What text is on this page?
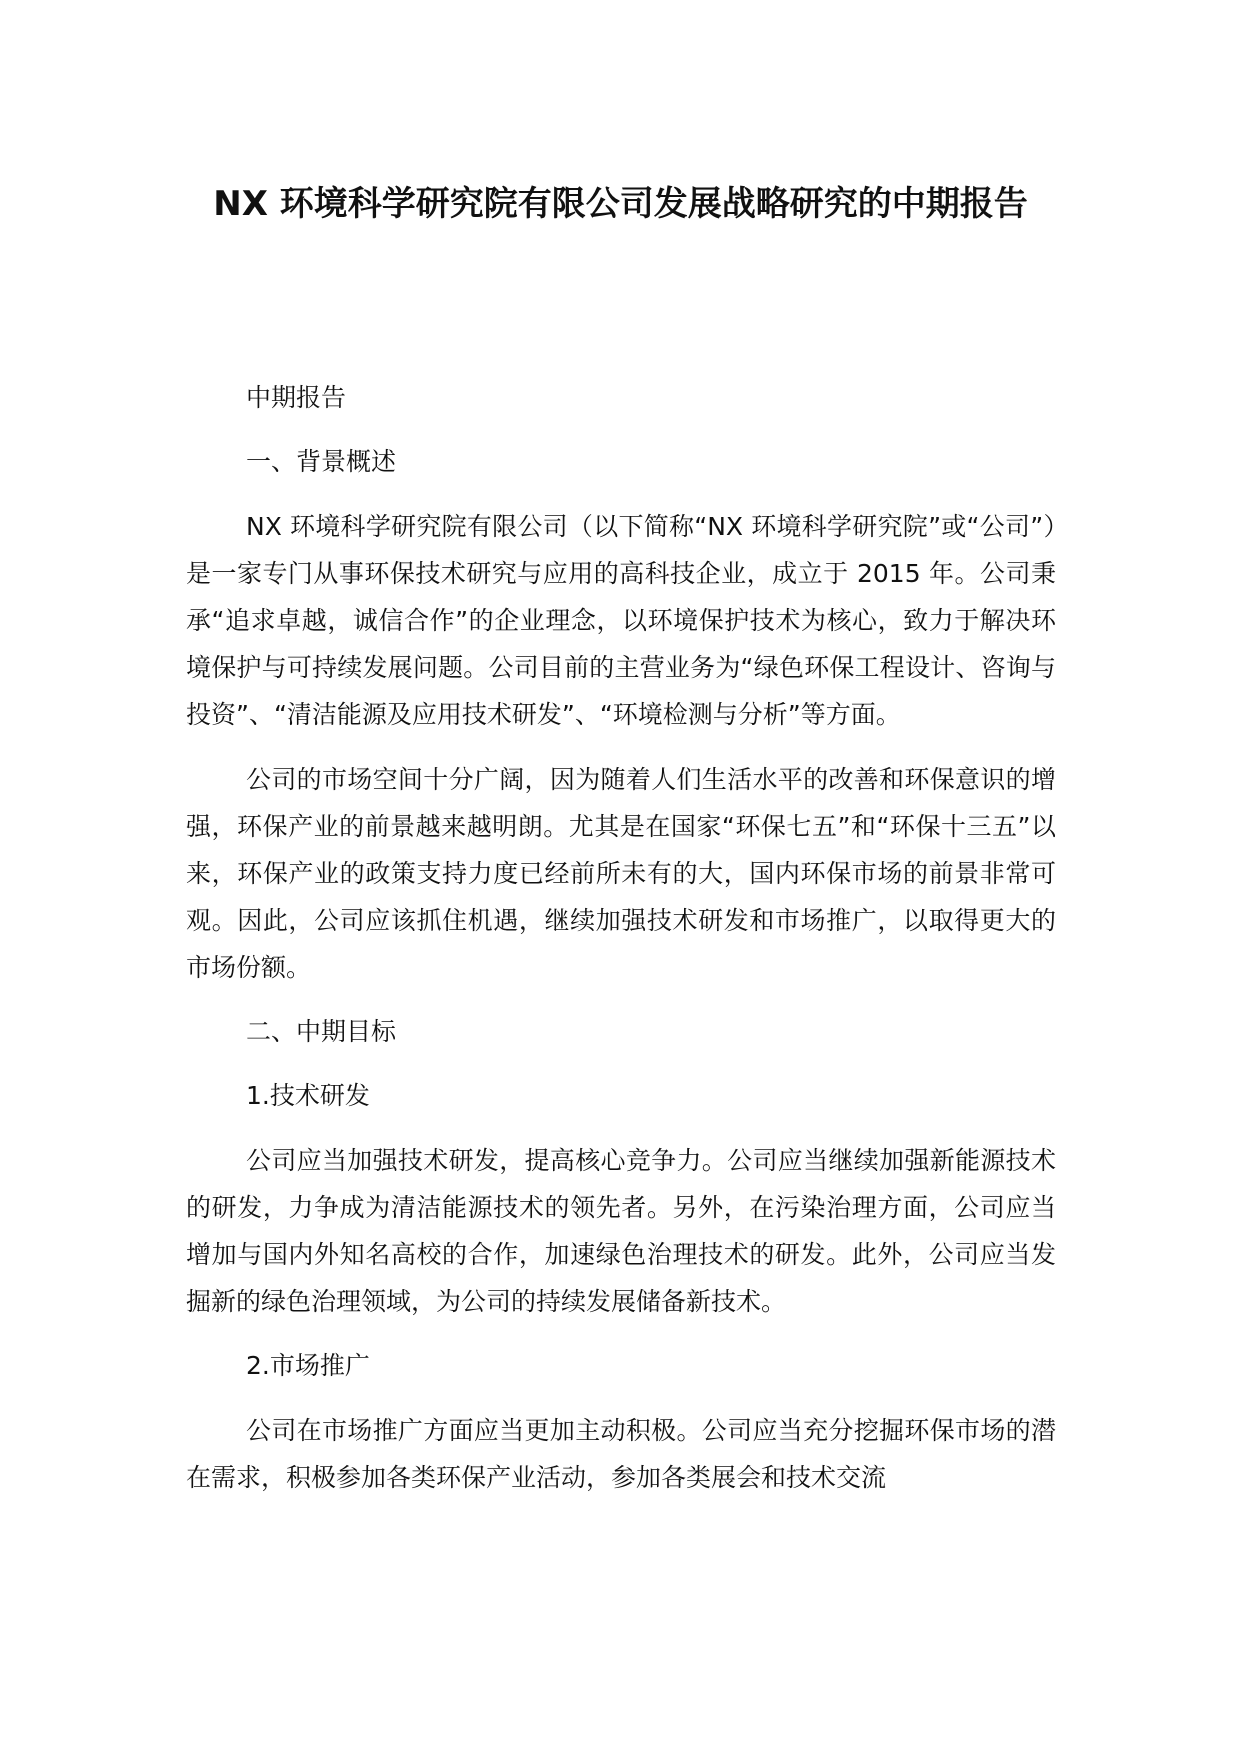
NX 环境科学研究院有限公司发展战略研究的中期报告
中期报告
一、背景概述

NX 环境科学研究院有限公司（以下简称“NX 环境科学研究院”或“公司”）是一家专门从事环保技术研究与应用的高科技企业，成立于 2015 年。公司秉承“追求卓越，诚信合作”的企业理念，以环境保护技术为核心，致力于解决环境保护与可持续发展问题。公司目前的主营业务为“绿色环保工程设计、咨询与投资”、“清洁能源及应用技术研发”、“环境检测与分析”等方面。

公司的市场空间十分广阔，因为随着人们生活水平的改善和环保意识的增强，环保产业的前景越来越明朗。尤其是在国家“环保七五”和“环保十三五”以来，环保产业的政策支持力度已经前所未有的大，国内环保市场的前景非常可观。因此，公司应该抓住机遇，继续加强技术研发和市场推广，以取得更大的市场份额。

二、中期目标
1.技术研发

公司应当加强技术研发，提高核心竞争力。公司应当继续加强新能源技术的研发，力争成为清洁能源技术的领先者。另外，在污染治理方面，公司应当增加与国内外知名高校的合作，加速绿色治理技术的研发。此外，公司应当发掘新的绿色治理领域，为公司的持续发展储备新技术。

2.市场推广

公司在市场推广方面应当更加主动积极。公司应当充分挖掘环保市场的潜在需求，积极参加各类环保产业活动，参加各类展会和技术交流
